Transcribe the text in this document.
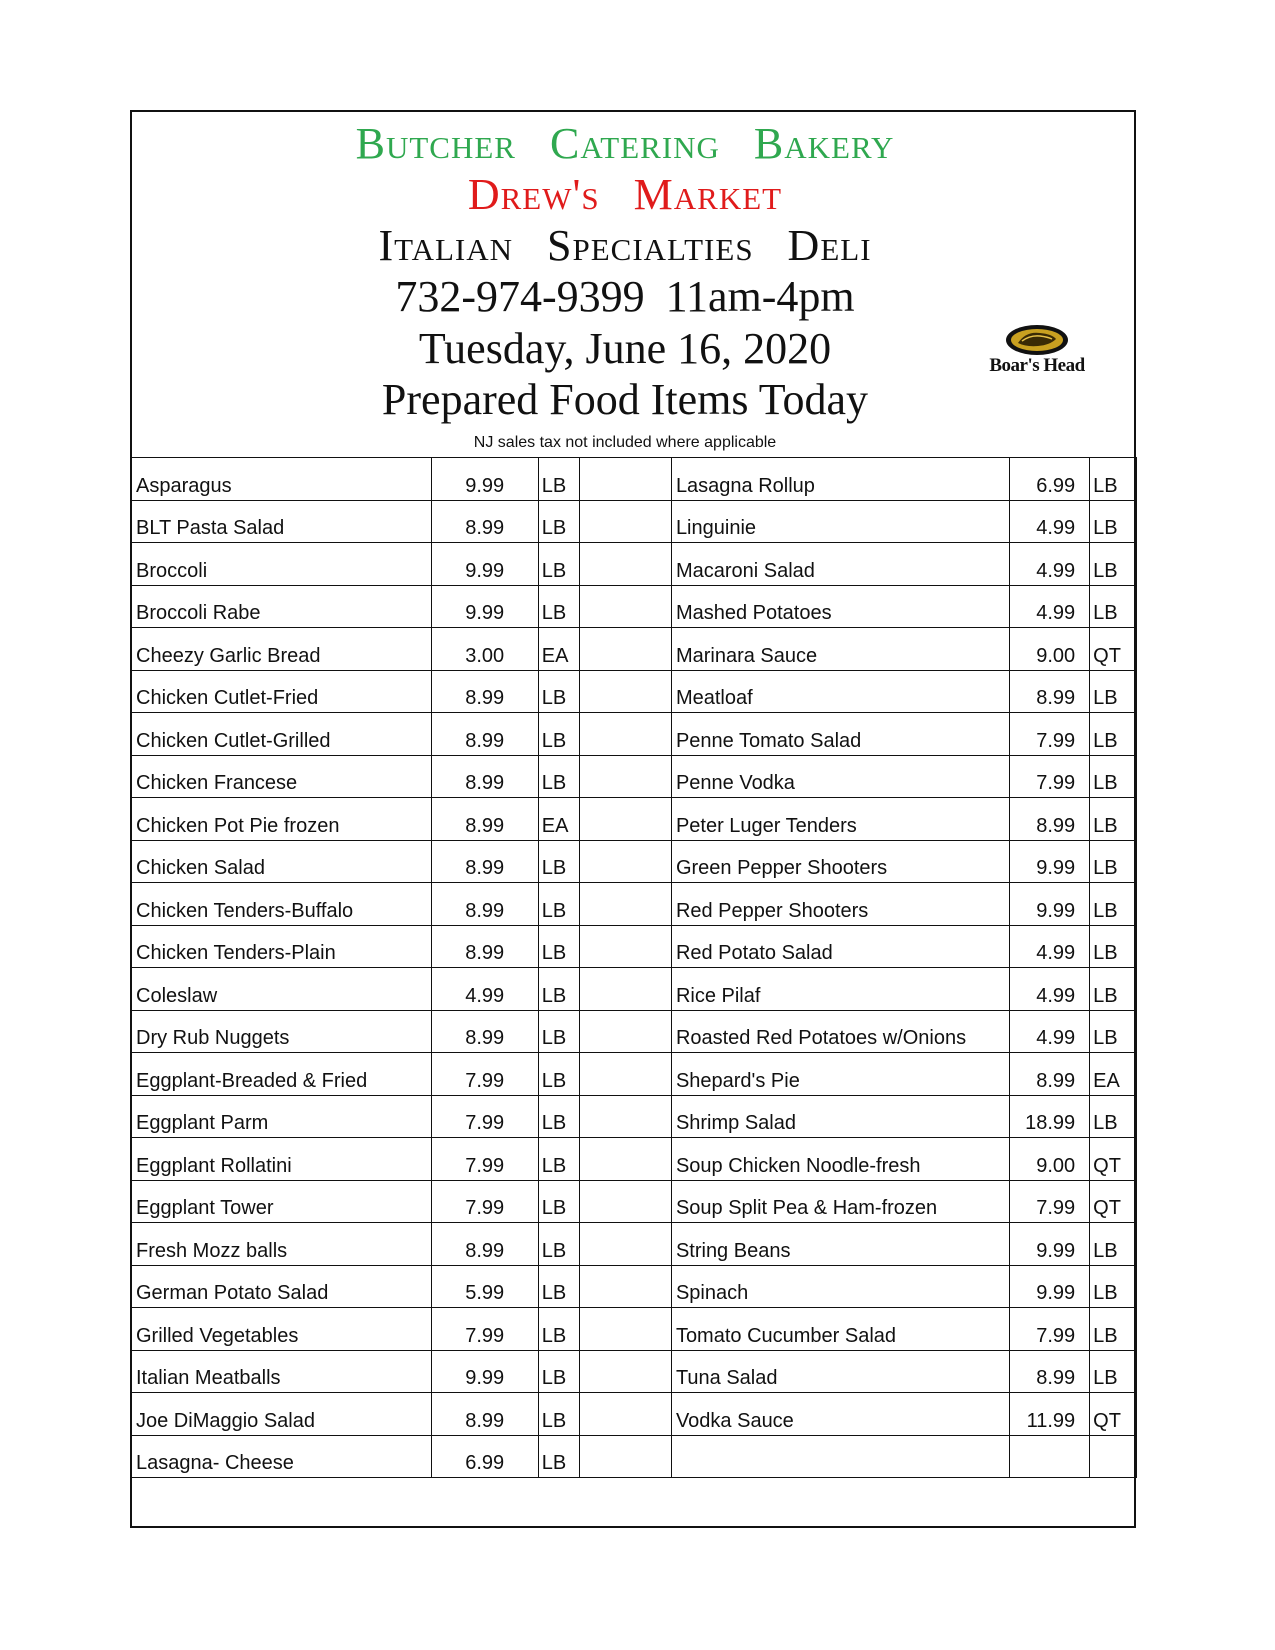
Butcher Catering Bakery
Drew's Market
Italian Specialties Deli
732-974-9399 11am-4pm
Tuesday, June 16, 2020
Prepared Food Items Today
NJ sales tax not included where applicable
Boar's Head
Asparagus	9.99	LB		Lasagna Rollup	6.99	LB
BLT Pasta Salad	8.99	LB		Linguinie	4.99	LB
Broccoli	9.99	LB		Macaroni Salad	4.99	LB
Broccoli Rabe	9.99	LB		Mashed Potatoes	4.99	LB
Cheezy Garlic Bread	3.00	EA		Marinara Sauce	9.00	QT
Chicken Cutlet-Fried	8.99	LB		Meatloaf	8.99	LB
Chicken Cutlet-Grilled	8.99	LB		Penne Tomato Salad	7.99	LB
Chicken Francese	8.99	LB		Penne Vodka	7.99	LB
Chicken Pot Pie frozen	8.99	EA		Peter Luger Tenders	8.99	LB
Chicken Salad	8.99	LB		Green Pepper Shooters	9.99	LB
Chicken Tenders-Buffalo	8.99	LB		Red Pepper Shooters	9.99	LB
Chicken Tenders-Plain	8.99	LB		Red Potato Salad	4.99	LB
Coleslaw	4.99	LB		Rice Pilaf	4.99	LB
Dry Rub Nuggets	8.99	LB		Roasted Red Potatoes w/Onions	4.99	LB
Eggplant-Breaded & Fried	7.99	LB		Shepard's Pie	8.99	EA
Eggplant Parm	7.99	LB		Shrimp Salad	18.99	LB
Eggplant Rollatini	7.99	LB		Soup Chicken Noodle-fresh	9.00	QT
Eggplant Tower	7.99	LB		Soup Split Pea & Ham-frozen	7.99	QT
Fresh Mozz balls	8.99	LB		String Beans	9.99	LB
German Potato Salad	5.99	LB		Spinach	9.99	LB
Grilled Vegetables	7.99	LB		Tomato Cucumber Salad	7.99	LB
Italian Meatballs	9.99	LB		Tuna Salad	8.99	LB
Joe DiMaggio Salad	8.99	LB		Vodka Sauce	11.99	QT
Lasagna- Cheese	6.99	LB				
